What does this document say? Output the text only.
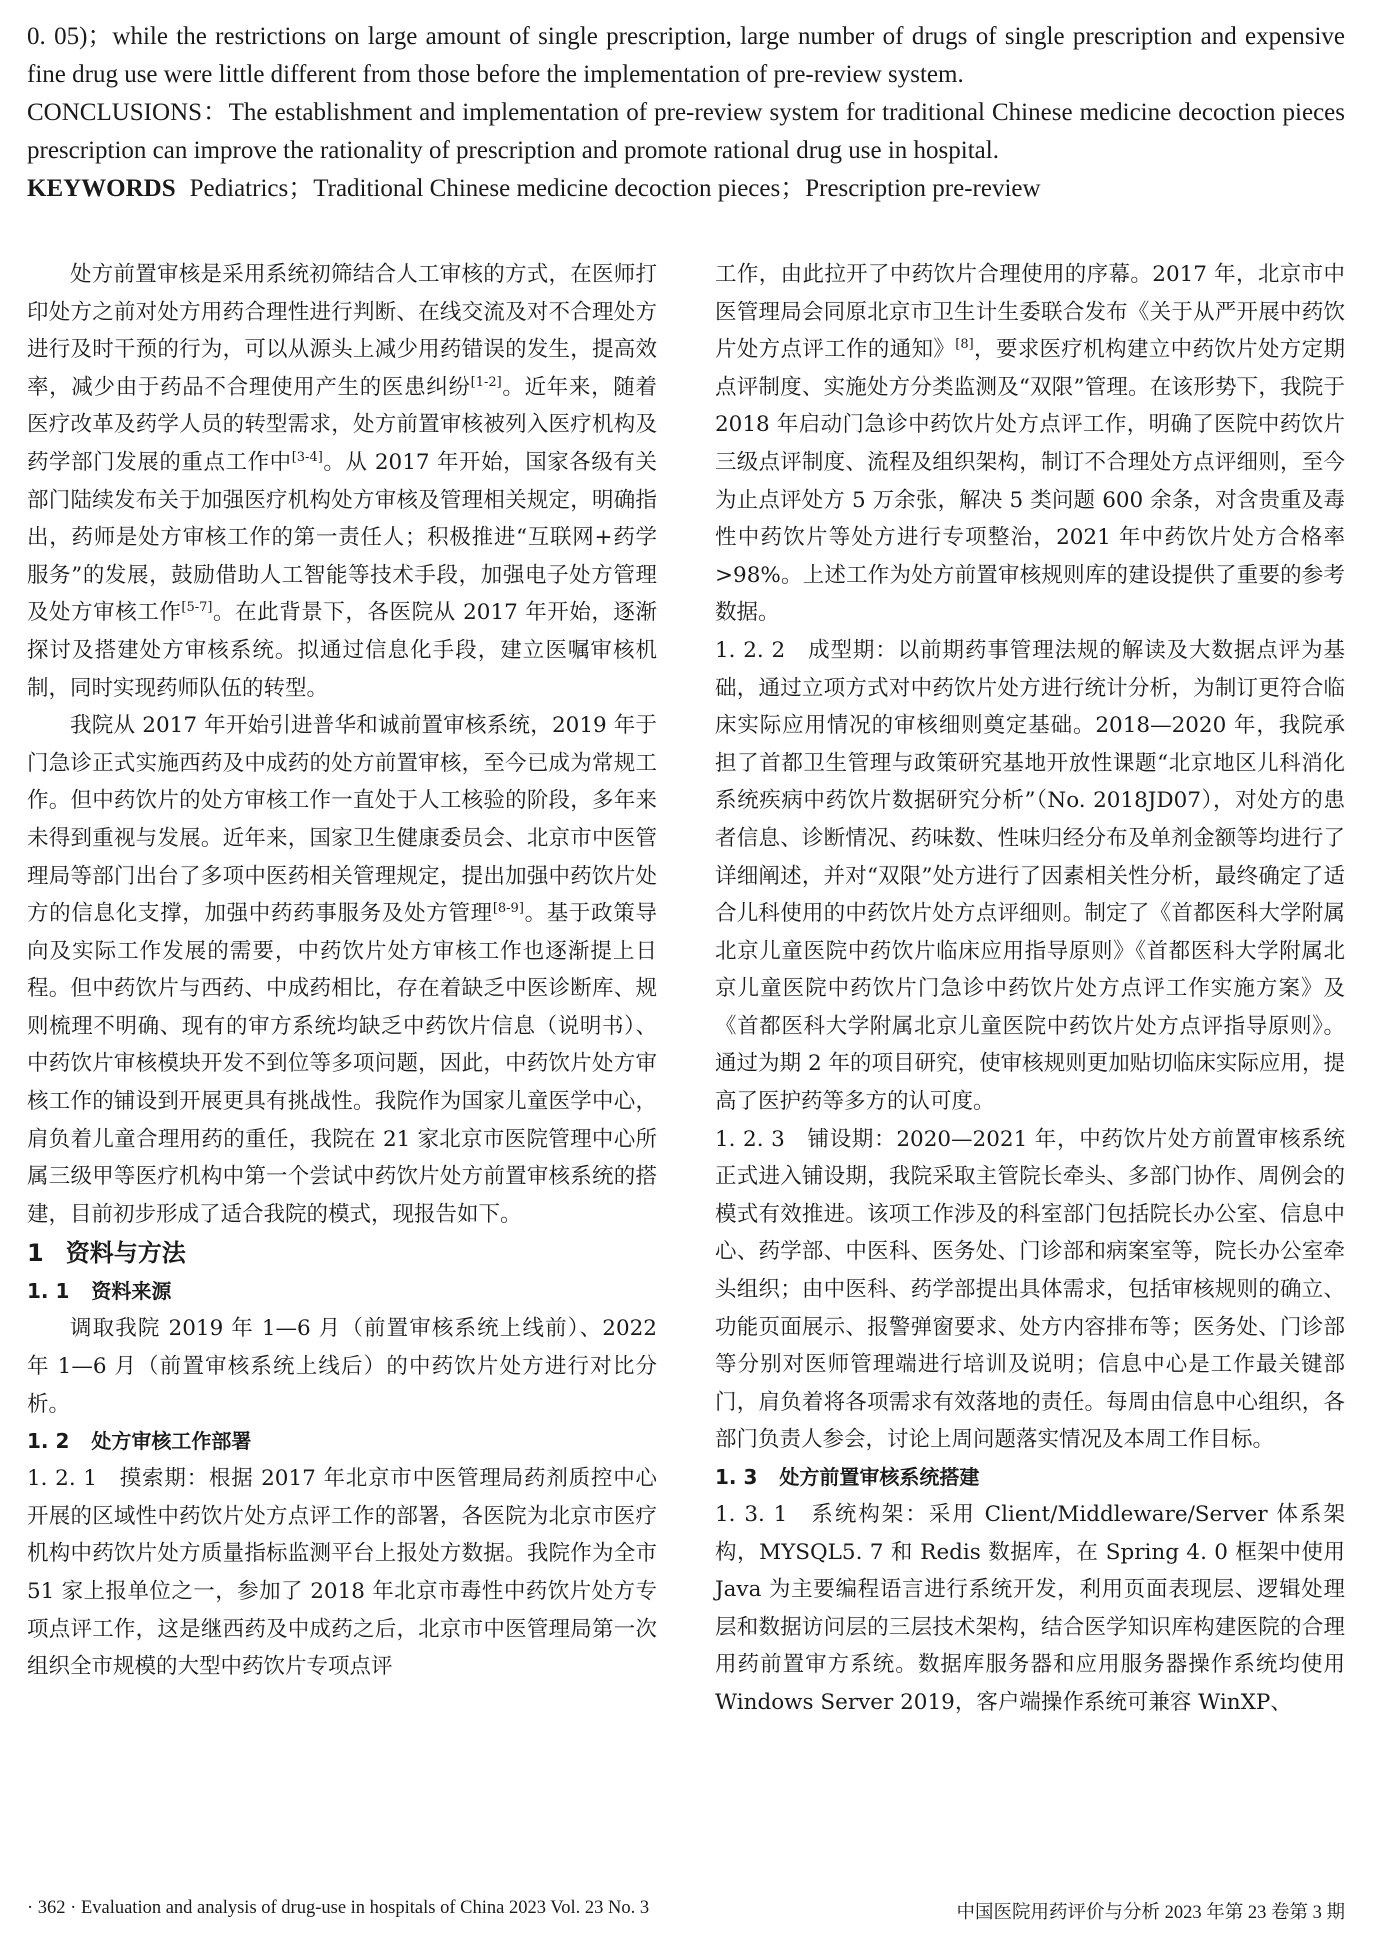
0. 05)；while the restrictions on large amount of single prescription, large number of drugs of single prescription and expensive fine drug use were little different from those before the implementation of pre-review system.

CONCLUSIONS：The establishment and implementation of pre-review system for traditional Chinese medicine decoction pieces prescription can improve the rationality of prescription and promote rational drug use in hospital.

KEYWORDS Pediatrics；Traditional Chinese medicine decoction pieces；Prescription pre-review

处方前置审核是采用系统初筛结合人工审核的方式，在医师打印处方之前对处方用药合理性进行判断、在线交流及对不合理处方进行及时干预的行为，可以从源头上减少用药错误的发生，提高效率，减少由于药品不合理使用产生的医患纠纷[1-2]。近年来，随着医疗改革及药学人员的转型需求，处方前置审核被列入医疗机构及药学部门发展的重点工作中[3-4]。从 2017 年开始，国家各级有关部门陆续发布关于加强医疗机构处方审核及管理相关规定，明确指出，药师是处方审核工作的第一责任人；积极推进“互联网+药学服务”的发展，鼓励借助人工智能等技术手段，加强电子处方管理及处方审核工作[5-7]。在此背景下，各医院从 2017 年开始，逐渐探讨及搭建处方审核系统。拟通过信息化手段，建立医嘱审核机制，同时实现药师队伍的转型。

我院从 2017 年开始引进普华和诚前置审核系统，2019 年于门急诊正式实施西药及中成药的处方前置审核，至今已成为常规工作。但中药饮片的处方审核工作一直处于人工核验的阶段，多年来未得到重视与发展。近年来，国家卫生健康委员会、北京市中医管理局等部门出台了多项中医药相关管理规定，提出加强中药饮片处方的信息化支撑，加强中药药事服务及处方管理[8-9]。基于政策导向及实际工作发展的需要，中药饮片处方审核工作也逐渐提上日程。但中药饮片与西药、中成药相比，存在着缺乏中医诊断库、规则梳理不明确、现有的审方系统均缺乏中药饮片信息（说明书）、中药饮片审核模块开发不到位等多项问题，因此，中药饮片处方审核工作的铺设到开展更具有挑战性。我院作为国家儿童医学中心，肩负着儿童合理用药的重任，我院在 21 家北京市医院管理中心所属三级甲等医疗机构中第一个尝试中药饮片处方前置审核系统的搭建，目前初步形成了适合我院的模式，现报告如下。

1 资料与方法

1. 1 资料来源

调取我院 2019 年 1—6 月（前置审核系统上线前）、2022 年 1—6 月（前置审核系统上线后）的中药饮片处方进行对比分析。

1. 2 处方审核工作部署

1. 2. 1 摸索期：根据 2017 年北京市中医管理局药剂质控中心开展的区域性中药饮片处方点评工作的部署，各医院为北京市医疗机构中药饮片处方质量指标监测平台上报处方数据。我院作为全市 51 家上报单位之一，参加了 2018 年北京市毒性中药饮片处方专项点评工作，这是继西药及中成药之后，北京市中医管理局第一次组织全市规模的大型中药饮片专项点评

工作，由此拉开了中药饮片合理使用的序幕。2017 年，北京市中医管理局会同原北京市卫生计生委联合发布《关于从严开展中药饮片处方点评工作的通知》[8]，要求医疗机构建立中药饮片处方定期点评制度、实施处方分类监测及“双限”管理。在该形势下，我院于 2018 年启动门急诊中药饮片处方点评工作，明确了医院中药饮片三级点评制度、流程及组织架构，制订不合理处方点评细则，至今为止点评处方 5 万余张，解决 5 类问题 600 余条，对含贵重及毒性中药饮片等处方进行专项整治，2021 年中药饮片处方合格率>98%。上述工作为处方前置审核规则库的建设提供了重要的参考数据。

1. 2. 2 成型期：以前期药事管理法规的解读及大数据点评为基础，通过立项方式对中药饮片处方进行统计分析，为制订更符合临床实际应用情况的审核细则奠定基础。2018—2020 年，我院承担了首都卫生管理与政策研究基地开放性课题“北京地区儿科消化系统疾病中药饮片数据研究分析”（No. 2018JD07），对处方的患者信息、诊断情况、药味数、性味归经分布及单剂金额等均进行了详细阐述，并对“双限”处方进行了因素相关性分析，最终确定了适合儿科使用的中药饮片处方点评细则。制定了《首都医科大学附属北京儿童医院中药饮片临床应用指导原则》《首都医科大学附属北京儿童医院中药饮片门急诊中药饮片处方点评工作实施方案》及《首都医科大学附属北京儿童医院中药饮片处方点评指导原则》。通过为期 2 年的项目研究，使审核规则更加贴切临床实际应用，提高了医护药等多方的认可度。

1. 2. 3 铺设期：2020—2021 年，中药饮片处方前置审核系统正式进入铺设期，我院采取主管院长牵头、多部门协作、周例会的模式有效推进。该项工作涉及的科室部门包括院长办公室、信息中心、药学部、中医科、医务处、门诊部和病案室等，院长办公室牵头组织；由中医科、药学部提出具体需求，包括审核规则的确立、功能页面展示、报警弹窗要求、处方内容排布等；医务处、门诊部等分别对医师管理端进行培训及说明；信息中心是工作最关键部门，肩负着将各项需求有效落地的责任。每周由信息中心组织，各部门负责人参会，讨论上周问题落实情况及本周工作目标。

1. 3 处方前置审核系统搭建

1. 3. 1 系统构架：采用 Client/Middleware/Server 体系架构，MYSQL5. 7 和 Redis 数据库，在 Spring 4. 0 框架中使用 Java 为主要编程语言进行系统开发，利用页面表现层、逻辑处理层和数据访问层的三层技术架构，结合医学知识库构建医院的合理用药前置审方系统。数据库服务器和应用服务器操作系统均使用 Windows Server 2019，客户端操作系统可兼容 WinXP、

· 362 · Evaluation and analysis of drug-use in hospitals of China 2023 Vol. 23 No. 3	中国医院用药评价与分析 2023 年第 23 卷第 3 期
